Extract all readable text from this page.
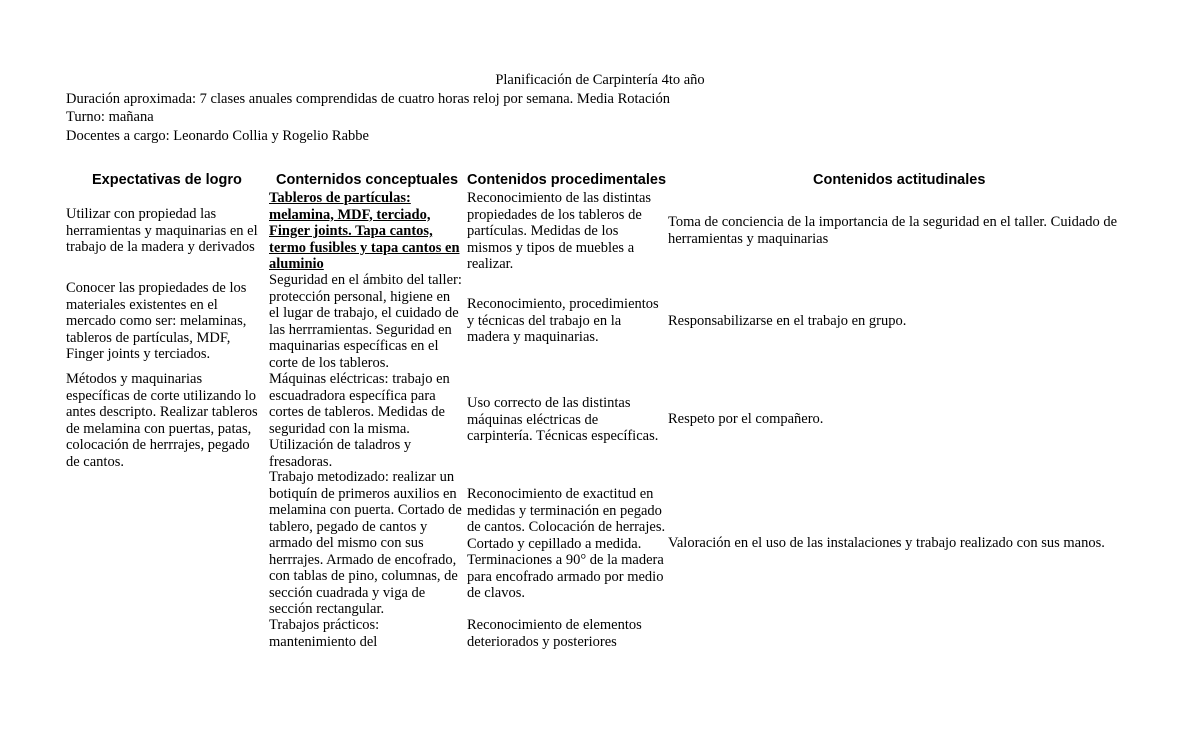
Planificación de Carpintería 4to año
Duración aproximada: 7 clases anuales comprendidas de cuatro horas reloj por semana. Media Rotación
Turno: mañana
Docentes a cargo: Leonardo Collia y Rogelio Rabbe
Expectativas de logro Conternidos conceptuales Contenidos procedimentales	Contenidos actitudinales
Utilizar con propiedad las herramientas y maquinarias en el trabajo de la madera y derivados
Conocer las propiedades de los materiales existentes en el mercado como ser: melaminas, tableros de partículas, MDF, Finger joints y terciados.
Métodos y maquinarias específicas de corte utilizando lo antes descripto. Realizar tableros de melamina con puertas, patas, colocación de herrrajes, pegado de cantos.
Tableros de partículas: melamina, MDF, terciado, Finger joints. Tapa cantos, termo fusibles y tapa cantos en aluminio
Seguridad en el ámbito del taller: protección personal, higiene en el lugar de trabajo, el cuidado de las herrramientas. Seguridad en maquinarias específicas en el corte de los tableros.
Máquinas eléctricas: trabajo en escuadradora específica para cortes de tableros. Medidas de seguridad con la misma. Utilización de taladros y fresadoras.
Trabajo metodizado: realizar un botiquín de primeros auxilios en melamina con puerta. Cortado de tablero, pegado de cantos y armado del mismo con sus herrrajes. Armado de encofrado, con tablas de pino, columnas, de sección cuadrada y viga de sección rectangular.
Trabajos prácticos: mantenimiento del
Reconocimiento de las distintas propiedades de los tableros de partículas. Medidas de los mismos y tipos de muebles a realizar.
Reconocimiento, procedimientos y técnicas del trabajo en la madera y maquinarias.
Uso correcto de las distintas máquinas eléctricas de carpintería. Técnicas específicas.
Reconocimiento de exactitud en medidas y terminación en pegado de cantos. Colocación de herrajes. Cortado y cepillado a medida. Terminaciones a 90° de la madera para encofrado armado por medio de clavos.
Reconocimiento de elementos deteriorados y posteriores
Toma de conciencia de la importancia de la seguridad en el taller. Cuidado de herramientas y maquinarias
Responsabilizarse en el trabajo en grupo.
Respeto por el compañero.
Valoración en el uso de las instalaciones y trabajo realizado con sus manos.
